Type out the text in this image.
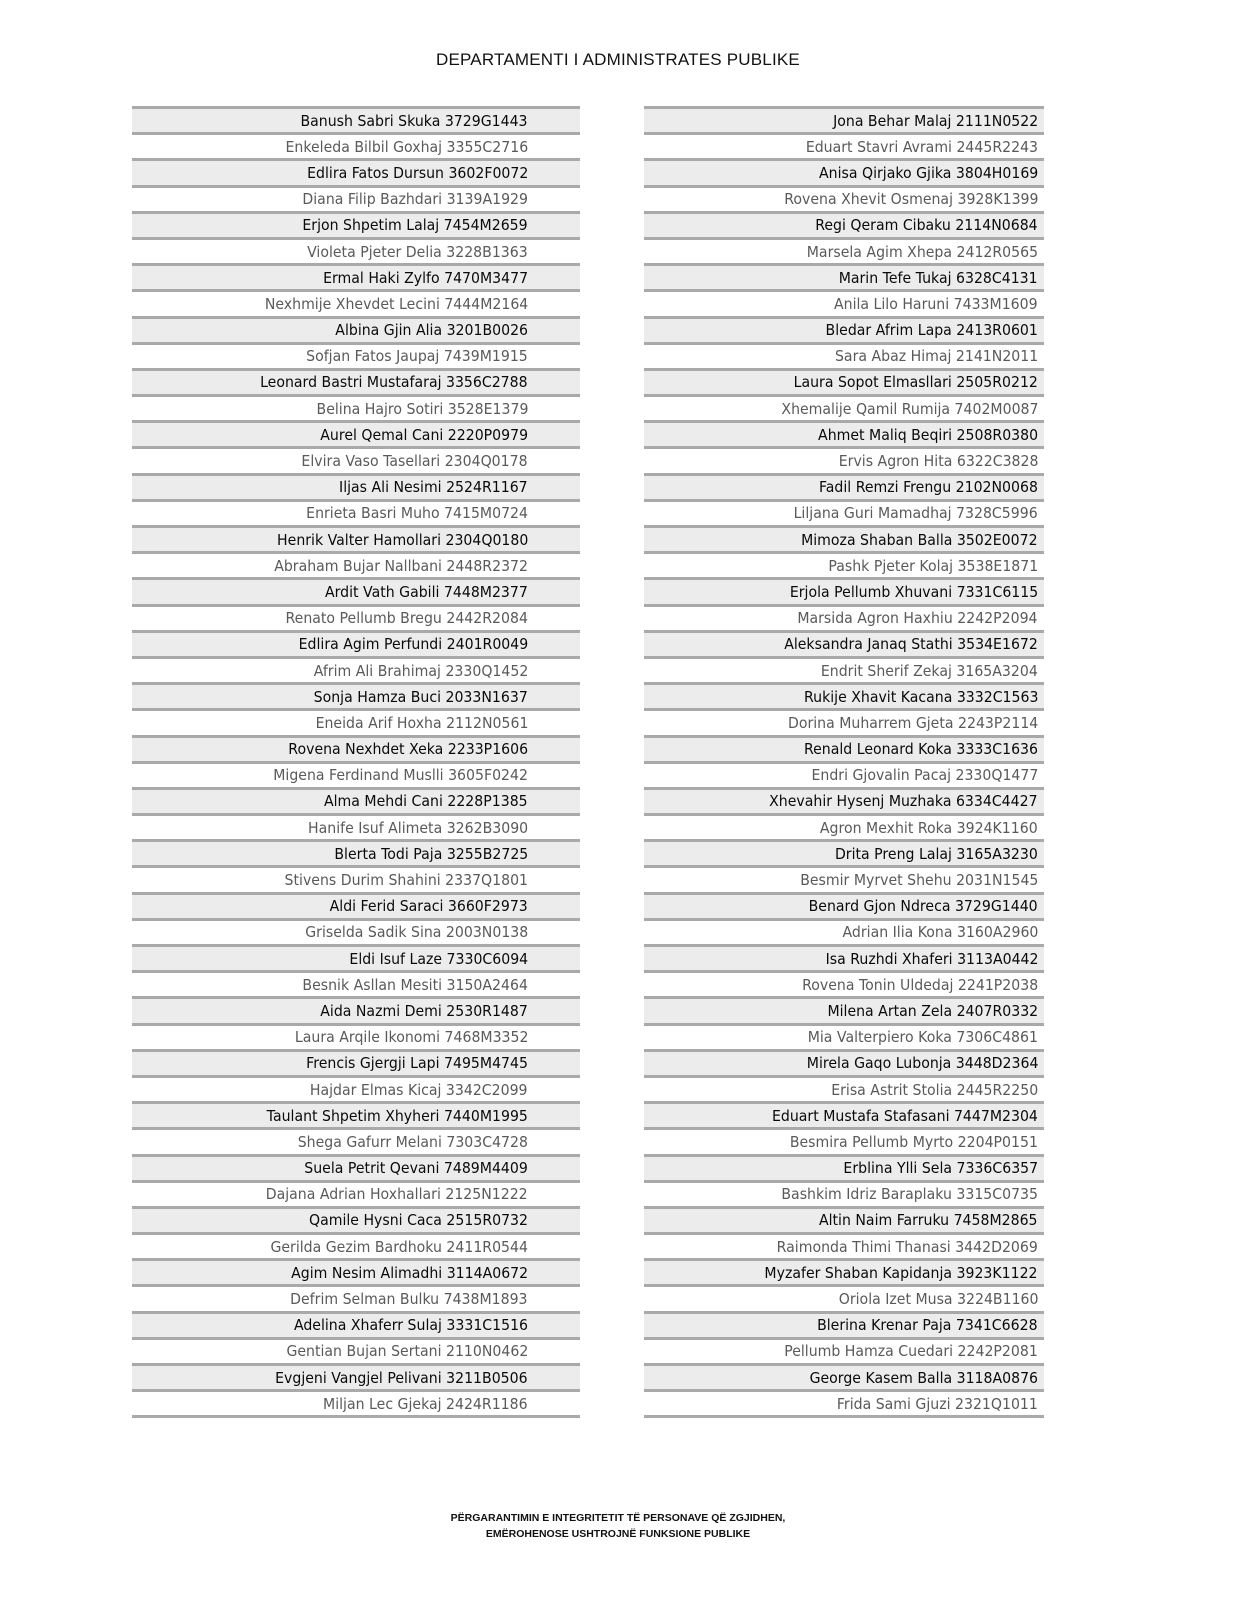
DEPARTAMENTI I ADMINISTRATES PUBLIKE
Banush Sabri Skuka 3729G1443
Enkeleda Bilbil Goxhaj 3355C2716
Edlira Fatos Dursun 3602F0072
Diana Filip Bazhdari 3139A1929
Erjon Shpetim Lalaj 7454M2659
Violeta Pjeter Delia 3228B1363
Ermal Haki Zylfo 7470M3477
Nexhmije Xhevdet Lecini 7444M2164
Albina Gjin Alia 3201B0026
Sofjan Fatos Jaupaj 7439M1915
Leonard Bastri Mustafaraj 3356C2788
Belina Hajro Sotiri 3528E1379
Aurel Qemal Cani 2220P0979
Elvira Vaso Tasellari 2304Q0178
Iljas Ali Nesimi 2524R1167
Enrieta Basri Muho 7415M0724
Henrik Valter Hamollari 2304Q0180
Abraham Bujar Nallbani 2448R2372
Ardit Vath Gabili 7448M2377
Renato Pellumb Bregu 2442R2084
Edlira Agim Perfundi 2401R0049
Afrim Ali Brahimaj 2330Q1452
Sonja Hamza Buci 2033N1637
Eneida Arif Hoxha 2112N0561
Rovena Nexhdet Xeka 2233P1606
Migena Ferdinand Muslli 3605F0242
Alma Mehdi Cani 2228P1385
Hanife Isuf Alimeta 3262B3090
Blerta Todi Paja 3255B2725
Stivens Durim Shahini 2337Q1801
Aldi Ferid Saraci 3660F2973
Griselda Sadik Sina 2003N0138
Eldi Isuf Laze 7330C6094
Besnik Asllan Mesiti 3150A2464
Aida Nazmi Demi 2530R1487
Laura Arqile Ikonomi 7468M3352
Frencis Gjergji Lapi 7495M4745
Hajdar Elmas Kicaj 3342C2099
Taulant Shpetim Xhyheri 7440M1995
Shega Gafurr Melani 7303C4728
Suela Petrit Qevani 7489M4409
Dajana Adrian Hoxhallari 2125N1222
Qamile Hysni Caca 2515R0732
Gerilda Gezim Bardhoku 2411R0544
Agim Nesim Alimadhi 3114A0672
Defrim Selman Bulku 7438M1893
Adelina Xhaferr Sulaj 3331C1516
Gentian Bujan Sertani 2110N0462
Evgjeni Vangjel Pelivani 3211B0506
Miljan Lec Gjekaj 2424R1186
Jona Behar Malaj 2111N0522
Eduart Stavri Avrami 2445R2243
Anisa Qirjako Gjika 3804H0169
Rovena Xhevit Osmenaj 3928K1399
Regi Qeram Cibaku 2114N0684
Marsela Agim Xhepa 2412R0565
Marin Tefe Tukaj 6328C4131
Anila Lilo Haruni 7433M1609
Bledar Afrim Lapa 2413R0601
Sara Abaz Himaj 2141N2011
Laura Sopot Elmasllari 2505R0212
Xhemalije Qamil Rumija 7402M0087
Ahmet Maliq Beqiri 2508R0380
Ervis Agron Hita 6322C3828
Fadil Remzi Frengu 2102N0068
Liljana Guri Mamadhaj 7328C5996
Mimoza Shaban Balla 3502E0072
Pashk Pjeter Kolaj 3538E1871
Erjola Pellumb Xhuvani 7331C6115
Marsida Agron Haxhiu 2242P2094
Aleksandra Janaq Stathi 3534E1672
Endrit Sherif Zekaj 3165A3204
Rukije Xhavit Kacana 3332C1563
Dorina Muharrem Gjeta 2243P2114
Renald Leonard Koka 3333C1636
Endri Gjovalin Pacaj 2330Q1477
Xhevahir Hysenj Muzhaka 6334C4427
Agron Mexhit Roka 3924K1160
Drita Preng Lalaj 3165A3230
Besmir Myrvet Shehu 2031N1545
Benard Gjon Ndreca 3729G1440
Adrian Ilia Kona 3160A2960
Isa Ruzhdi Xhaferi 3113A0442
Rovena Tonin Uldedaj 2241P2038
Milena Artan Zela 2407R0332
Mia Valterpiero Koka 7306C4861
Mirela Gaqo Lubonja 3448D2364
Erisa Astrit Stolia 2445R2250
Eduart Mustafa Stafasani 7447M2304
Besmira Pellumb Myrto 2204P0151
Erblina Ylli Sela 7336C6357
Bashkim Idriz Baraplaku 3315C0735
Altin Naim Farruku 7458M2865
Raimonda Thimi Thanasi 3442D2069
Myzafer Shaban Kapidanja 3923K1122
Oriola Izet Musa 3224B1160
Blerina Krenar Paja 7341C6628
Pellumb Hamza Cuedari 2242P2081
George Kasem Balla 3118A0876
Frida Sami Gjuzi 2321Q1011
PËRGARANTIMIN E INTEGRITETIT TË PERSONAVE QË ZGJIDHEN,
EMËROHENOSE USHTROJNË FUNKSIONE PUBLIKE
